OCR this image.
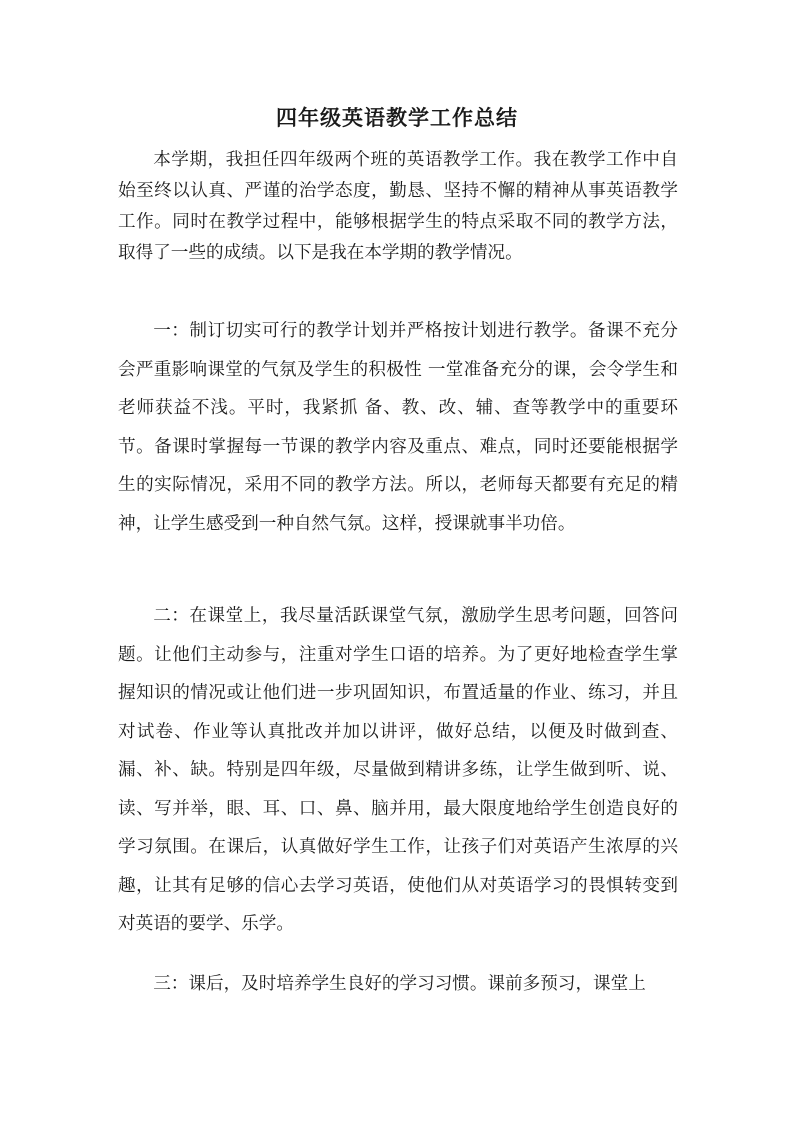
四年级英语教学工作总结

本学期，我担任四年级两个班的英语教学工作。我在教学工作中自始至终以认真、严谨的治学态度，勤恳、坚持不懈的精神从事英语教学工作。同时在教学过程中，能够根据学生的特点采取不同的教学方法，取得了一些的成绩。以下是我在本学期的教学情况。

一：制订切实可行的教学计划并严格按计划进行教学。备课不充分会严重影响课堂的气氛及学生的积极性 一堂准备充分的课，会令学生和老师获益不浅。平时，我紧抓 备、教、改、辅、查等教学中的重要环节。备课时掌握每一节课的教学内容及重点、难点，同时还要能根据学生的实际情况，采用不同的教学方法。所以，老师每天都要有充足的精神，让学生感受到一种自然气氛。这样，授课就事半功倍。

二：在课堂上，我尽量活跃课堂气氛，激励学生思考问题，回答问题。让他们主动参与，注重对学生口语的培养。为了更好地检查学生掌握知识的情况或让他们进一步巩固知识，布置适量的作业、练习，并且对试卷、作业等认真批改并加以讲评，做好总结，以便及时做到查、漏、补、缺。特别是四年级，尽量做到精讲多练，让学生做到听、说、读、写并举，眼、耳、口、鼻、脑并用，最大限度地给学生创造良好的学习氛围。在课后，认真做好学生工作，让孩子们对英语产生浓厚的兴趣，让其有足够的信心去学习英语，使他们从对英语学习的畏惧转变到对英语的要学、乐学。

三：课后，及时培养学生良好的学习习惯。课前多预习，课堂上
